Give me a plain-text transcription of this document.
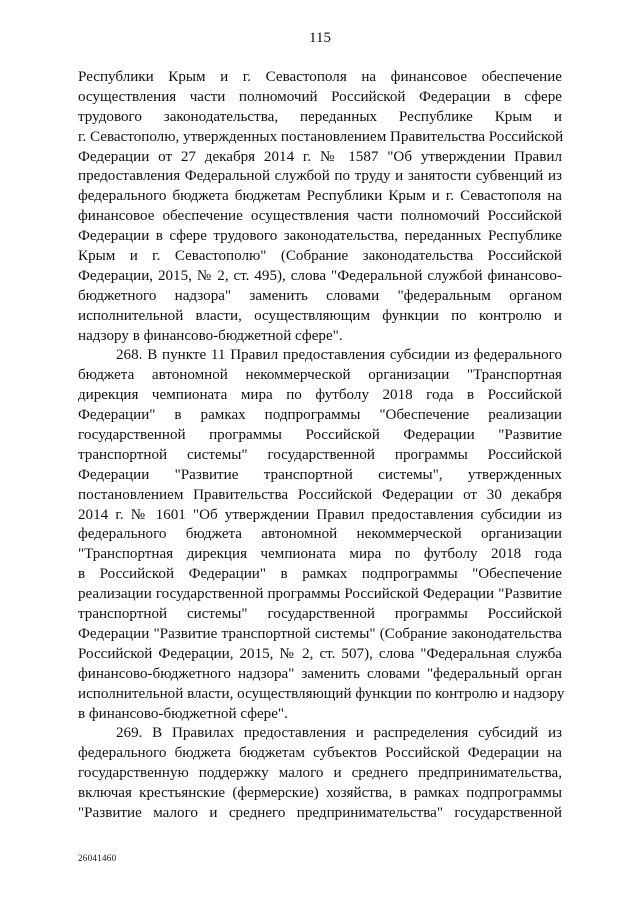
115
Республики Крым и г. Севастополя на финансовое обеспечение
осуществления части полномочий Российской Федерации в сфере
трудового законодательства, переданных Республике Крым и
г. Севастополю, утвержденных постановлением Правительства Российской
Федерации от 27 декабря 2014 г. № 1587 "Об утверждении Правил
предоставления Федеральной службой по труду и занятости субвенций из
федерального бюджета бюджетам Республики Крым и г. Севастополя на
финансовое обеспечение осуществления части полномочий Российской
Федерации в сфере трудового законодательства, переданных Республике
Крым и г. Севастополю" (Собрание законодательства Российской
Федерации, 2015, № 2, ст. 495), слова "Федеральной службой финансово-
бюджетного надзора" заменить словами "федеральным органом
исполнительной власти, осуществляющим функции по контролю и
надзору в финансово-бюджетной сфере".
268. В пункте 11 Правил предоставления субсидии из федерального
бюджета автономной некоммерческой организации "Транспортная
дирекция чемпионата мира по футболу 2018 года в Российской
Федерации" в рамках подпрограммы "Обеспечение реализации
государственной программы Российской Федерации "Развитие
транспортной системы" государственной программы Российской
Федерации "Развитие транспортной системы", утвержденных
постановлением Правительства Российской Федерации от 30 декабря
2014 г. № 1601 "Об утверждении Правил предоставления субсидии из
федерального бюджета автономной некоммерческой организации
"Транспортная дирекция чемпионата мира по футболу 2018 года
в Российской Федерации" в рамках подпрограммы "Обеспечение
реализации государственной программы Российской Федерации "Развитие
транспортной системы" государственной программы Российской
Федерации "Развитие транспортной системы" (Собрание законодательства
Российской Федерации, 2015, № 2, ст. 507), слова "Федеральная служба
финансово-бюджетного надзора" заменить словами "федеральный орган
исполнительной власти, осуществляющий функции по контролю и надзору
в финансово-бюджетной сфере".
269. В Правилах предоставления и распределения субсидий из
федерального бюджета бюджетам субъектов Российской Федерации на
государственную поддержку малого и среднего предпринимательства,
включая крестьянские (фермерские) хозяйства, в рамках подпрограммы
"Развитие малого и среднего предпринимательства" государственной
26041460
